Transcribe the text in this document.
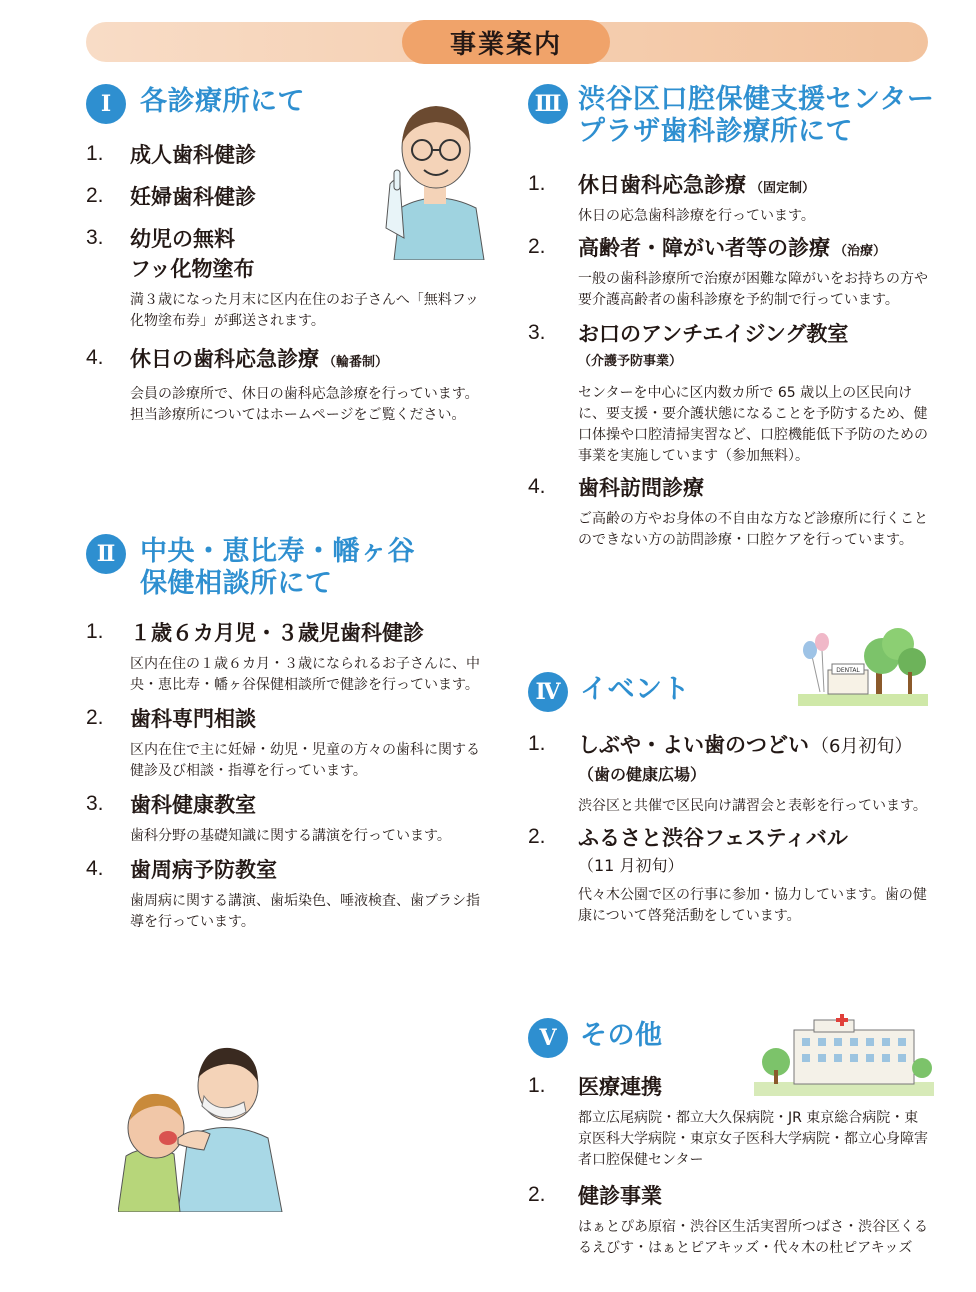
事業案内
Ⅰ	各診療所にて
1.	成人歯科健診
2.	妊婦歯科健診
3.	幼児の無料
フッ化物塗布
満３歳になった月末に区内在住のお子さんへ「無料フッ化物塗布券」が郵送されます。
4.	休日の歯科応急診療 （輪番制）
会員の診療所で、休日の歯科応急診療を行っています。担当診療所についてはホームページをご覧ください。
Ⅱ 中央・恵比寿・幡ヶ谷
保健相談所にて
1.	１歳６カ月児・３歳児歯科健診
区内在住の１歳６カ月・３歳になられるお子さんに、中央・恵比寿・幡ヶ谷保健相談所で健診を行っています。
2.	歯科専門相談
区内在住で主に妊婦・幼児・児童の方々の歯科に関する健診及び相談・指導を行っています。
3.	歯科健康教室
歯科分野の基礎知識に関する講演を行っています。
4.	歯周病予防教室
歯周病に関する講演、歯垢染色、唾液検査、歯ブラシ指導を行っています。
Ⅲ 渋谷区口腔保健支援センター
プラザ歯科診療所にて
1.	休日歯科応急診療 （固定制）
休日の応急歯科診療を行っています。
2.	高齢者・障がい者等の診療 （治療）
一般の歯科診療所で治療が困難な障がいをお持ちの方や要介護高齢者の歯科診療を予約制で行っています。
3.	お口のアンチエイジング教室
（介護予防事業）
センターを中心に区内数カ所で 65 歳以上の区民向けに、要支援・要介護状態になることを予防するため、健口体操や口腔清掃実習など、口腔機能低下予防のための事業を実施しています（参加無料）。
4.	歯科訪問診療
ご高齢の方やお身体の不自由な方など診療所に行くことのできない方の訪問診療・口腔ケアを行っています。
Ⅳ イベント
1.	しぶや・よい歯のつどい （6月初旬）
（歯の健康広場）
渋谷区と共催で区民向け講習会と表彰を行っています。
2.	ふるさと渋谷フェスティバル
（11 月初旬）
代々木公園で区の行事に参加・協力しています。歯の健康について啓発活動をしています。
Ⅴ その他
1.	医療連携
都立広尾病院・都立大久保病院・JR 東京総合病院・東京医科大学病院・東京女子医科大学病院・都立心身障害者口腔保健センター
2.	健診事業
はぁとぴあ原宿・渋谷区生活実習所つばさ・渋谷区くるるえびす・はぁとピアキッズ・代々木の杜ピアキッズ
DENTAL
